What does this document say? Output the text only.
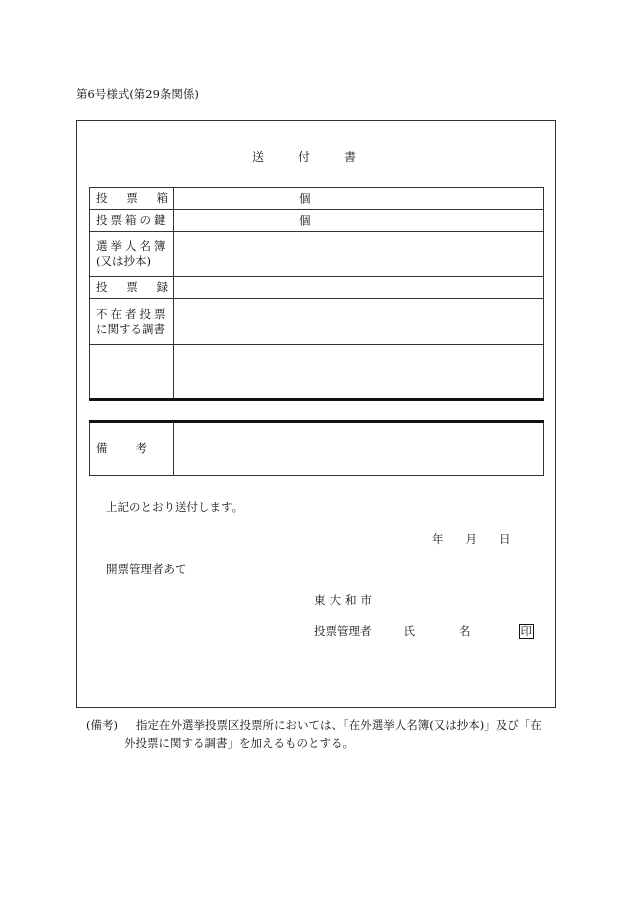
第6号様式(第29条関係)
送付書
投 票 箱	個

投票箱の鍵	個

選挙人名簿
(又は抄本)	

投 票 録	

不在者投票
に関する調書	

備 考	
上記のとおり送付します。
年 月 日
開票管理者あて
東大和市
投票管理者	氏	名	印
(備考) 指定在外選挙投票区投票所においては、「在外選挙人名簿(又は抄本)」及び「在
外投票に関する調書」を加えるものとする。
